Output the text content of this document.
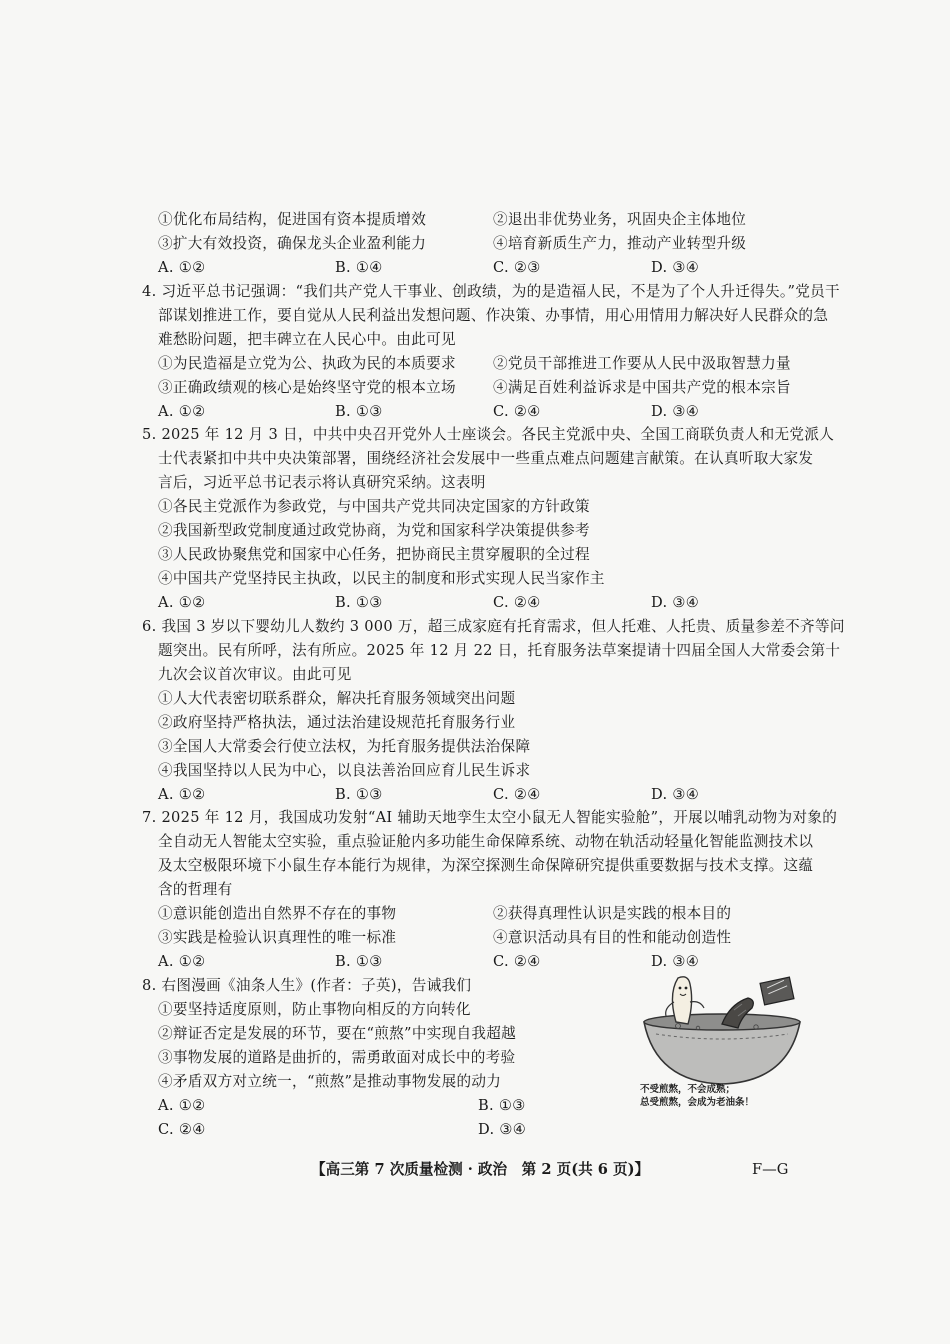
①优化布局结构，促进国有资本提质增效	②退出非优势业务，巩固央企主体地位
③扩大有效投资，确保龙头企业盈利能力	④培育新质生产力，推动产业转型升级
A. ①②	B. ①④	C. ②③	D. ③④
4. 习近平总书记强调：“我们共产党人干事业、创政绩，为的是造福人民，不是为了个人升迁得失。”党员干
部谋划推进工作，要自觉从人民利益出发想问题、作决策、办事情，用心用情用力解决好人民群众的急
难愁盼问题，把丰碑立在人民心中。由此可见
①为民造福是立党为公、执政为民的本质要求	②党员干部推进工作要从人民中汲取智慧力量
③正确政绩观的核心是始终坚守党的根本立场	④满足百姓利益诉求是中国共产党的根本宗旨
A. ①②	B. ①③	C. ②④	D. ③④
5. 2025 年 12 月 3 日，中共中央召开党外人士座谈会。各民主党派中央、全国工商联负责人和无党派人
士代表紧扣中共中央决策部署，围绕经济社会发展中一些重点难点问题建言献策。在认真听取大家发
言后，习近平总书记表示将认真研究采纳。这表明
①各民主党派作为参政党，与中国共产党共同决定国家的方针政策
②我国新型政党制度通过政党协商，为党和国家科学决策提供参考
③人民政协聚焦党和国家中心任务，把协商民主贯穿履职的全过程
④中国共产党坚持民主执政，以民主的制度和形式实现人民当家作主
A. ①②	B. ①③	C. ②④	D. ③④
6. 我国 3 岁以下婴幼儿人数约 3 000 万，超三成家庭有托育需求，但人托难、人托贵、质量参差不齐等问
题突出。民有所呼，法有所应。2025 年 12 月 22 日，托育服务法草案提请十四届全国人大常委会第十
九次会议首次审议。由此可见
①人大代表密切联系群众，解决托育服务领域突出问题
②政府坚持严格执法，通过法治建设规范托育服务行业
③全国人大常委会行使立法权，为托育服务提供法治保障
④我国坚持以人民为中心，以良法善治回应育儿民生诉求
A. ①②	B. ①③	C. ②④	D. ③④
7. 2025 年 12 月，我国成功发射“AI 辅助天地孪生太空小鼠无人智能实验舱”，开展以哺乳动物为对象的
全自动无人智能太空实验，重点验证舱内多功能生命保障系统、动物在轨活动轻量化智能监测技术以
及太空极限环境下小鼠生存本能行为规律，为深空探测生命保障研究提供重要数据与技术支撑。这蕴
含的哲理有
①意识能创造出自然界不存在的事物	②获得真理性认识是实践的根本目的
③实践是检验认识真理性的唯一标准	④意识活动具有目的性和能动创造性
A. ①②	B. ①③	C. ②④	D. ③④
8. 右图漫画《油条人生》(作者：子英)，告诫我们
①要坚持适度原则，防止事物向相反的方向转化
②辩证否定是发展的环节，要在“煎熬”中实现自我超越
③事物发展的道路是曲折的，需勇敢面对成长中的考验
④矛盾双方对立统一，“煎熬”是推动事物发展的动力
A. ①②	B. ①③
C. ②④	D. ③④
不受煎熬，不会成熟；
总受煎熬，会成为老油条！
【高三第 7 次质量检测 · 政治　第 2 页(共 6 页)】	F—G
